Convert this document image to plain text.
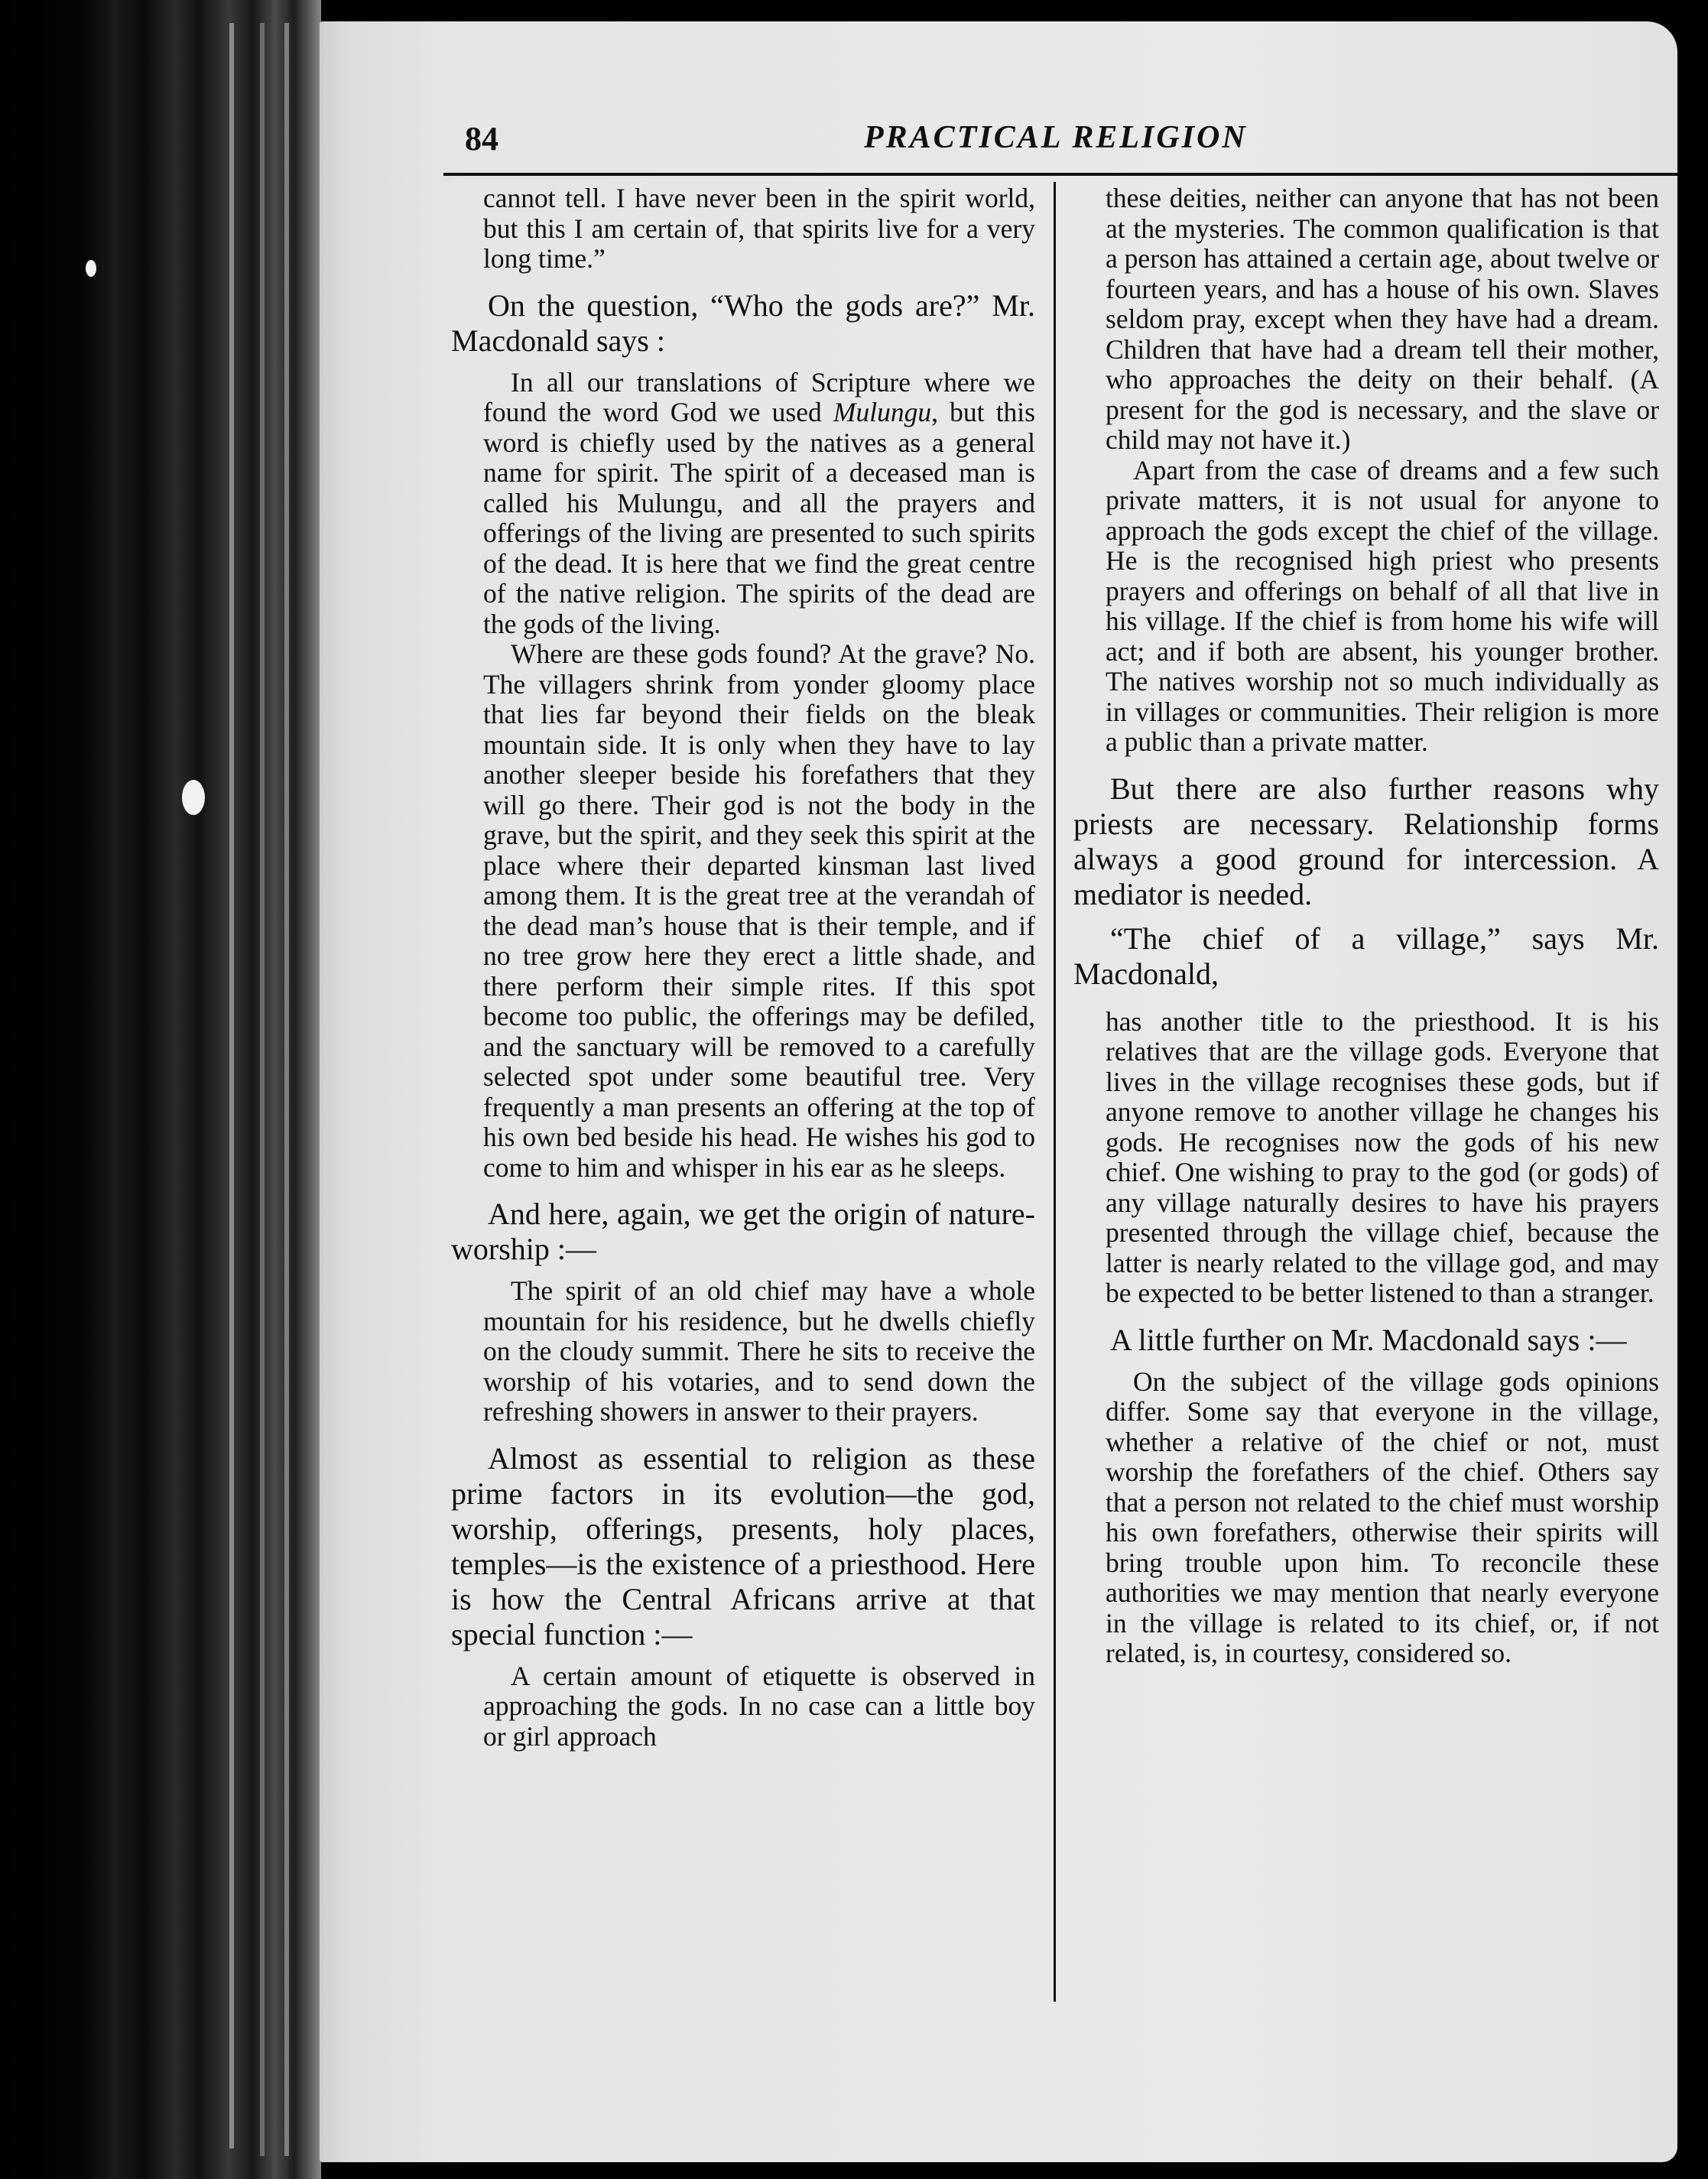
84	PRACTICAL RELIGION

cannot tell. I have never been in the spirit world, but this I am certain of, that spirits live for a very long time.”

On the question, “Who the gods are?” Mr. Macdonald says :

In all our translations of Scripture where we found the word God we used Mulungu, but this word is chiefly used by the natives as a general name for spirit. The spirit of a deceased man is called his Mulungu, and all the prayers and offerings of the living are presented to such spirits of the dead. It is here that we find the great centre of the native religion. The spirits of the dead are the gods of the living.

Where are these gods found? At the grave? No. The villagers shrink from yonder gloomy place that lies far beyond their fields on the bleak mountain side. It is only when they have to lay another sleeper beside his forefathers that they will go there. Their god is not the body in the grave, but the spirit, and they seek this spirit at the place where their departed kinsman last lived among them. It is the great tree at the verandah of the dead man’s house that is their temple, and if no tree grow here they erect a little shade, and there perform their simple rites. If this spot become too public, the offerings may be defiled, and the sanctuary will be removed to a carefully selected spot under some beautiful tree. Very frequently a man presents an offering at the top of his own bed beside his head. He wishes his god to come to him and whisper in his ear as he sleeps.

And here, again, we get the origin of nature-worship :—

The spirit of an old chief may have a whole mountain for his residence, but he dwells chiefly on the cloudy summit. There he sits to receive the worship of his votaries, and to send down the refreshing showers in answer to their prayers.

Almost as essential to religion as these prime factors in its evolution—the god, worship, offerings, presents, holy places, temples—is the existence of a priesthood. Here is how the Central Africans arrive at that special function :—

A certain amount of etiquette is observed in approaching the gods. In no case can a little boy or girl approach

these deities, neither can anyone that has not been at the mysteries. The common qualification is that a person has attained a certain age, about twelve or fourteen years, and has a house of his own. Slaves seldom pray, except when they have had a dream. Children that have had a dream tell their mother, who approaches the deity on their behalf. (A present for the god is necessary, and the slave or child may not have it.)

Apart from the case of dreams and a few such private matters, it is not usual for anyone to approach the gods except the chief of the village. He is the recognised high priest who presents prayers and offerings on behalf of all that live in his village. If the chief is from home his wife will act; and if both are absent, his younger brother. The natives worship not so much individually as in villages or communities. Their religion is more a public than a private matter.

But there are also further reasons why priests are necessary. Relationship forms always a good ground for intercession. A mediator is needed.

“The chief of a village,” says Mr. Macdonald,

has another title to the priesthood. It is his relatives that are the village gods. Everyone that lives in the village recognises these gods, but if anyone remove to another village he changes his gods. He recognises now the gods of his new chief. One wishing to pray to the god (or gods) of any village naturally desires to have his prayers presented through the village chief, because the latter is nearly related to the village god, and may be expected to be better listened to than a stranger.

A little further on Mr. Macdonald says :—

On the subject of the village gods opinions differ. Some say that everyone in the village, whether a relative of the chief or not, must worship the forefathers of the chief. Others say that a person not related to the chief must worship his own forefathers, otherwise their spirits will bring trouble upon him. To reconcile these authorities we may mention that nearly everyone in the village is related to its chief, or, if not related, is, in courtesy, considered so.
